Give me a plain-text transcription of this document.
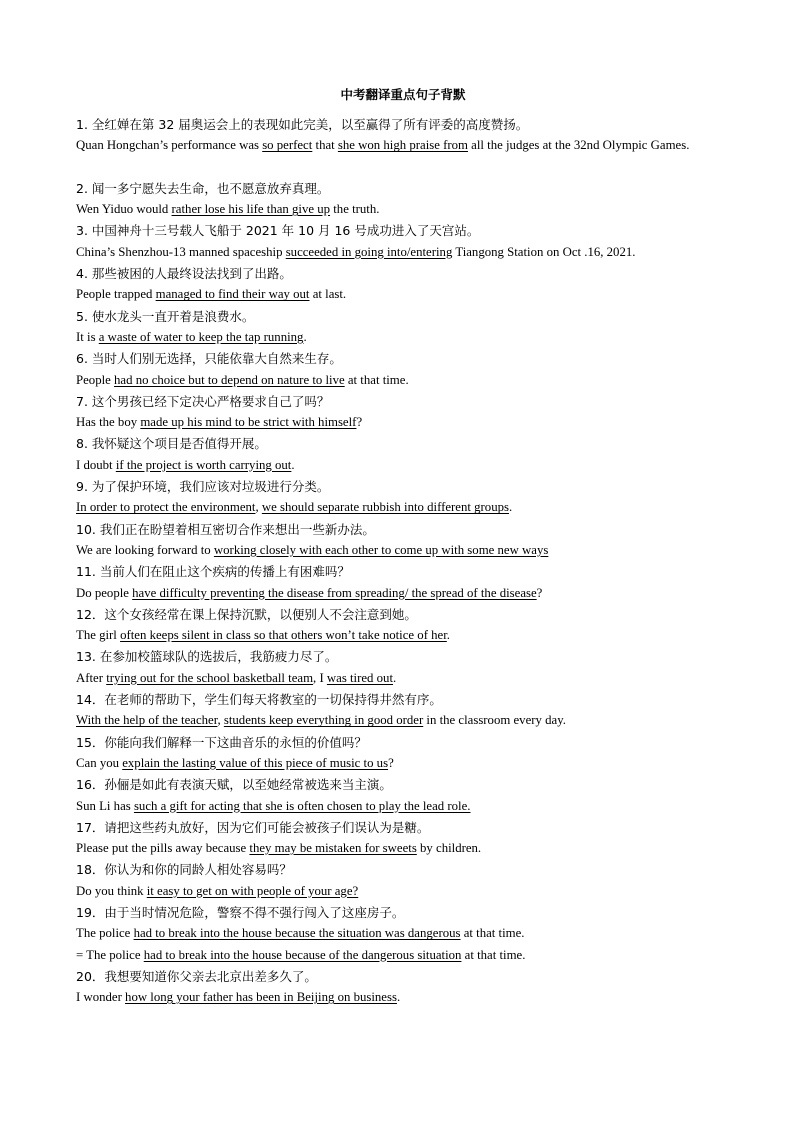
中考翻译重点句子背默
1. 全红婵在第 32 届奥运会上的表现如此完美，以至赢得了所有评委的高度赞扬。
Quan Hongchan’s performance was so perfect that she won high praise from all the judges at the 32nd Olympic Games.
2. 闻一多宁愿失去生命，也不愿意放弃真理。
Wen Yiduo would rather lose his life than give up the truth.
3. 中国神舟十三号载人飞船于 2021 年 10 月 16 号成功进入了天宫站。
China’s Shenzhou-13 manned spaceship succeeded in going into/entering Tiangong Station on Oct .16, 2021.
4. 那些被困的人最终设法找到了出路。
People trapped managed to find their way out at last.
5. 使水龙头一直开着是浪费水。
It is a waste of water to keep the tap running.
6. 当时人们别无选择，只能依靠大自然来生存。
People had no choice but to depend on nature to live at that time.
7. 这个男孩已经下定决心严格要求自己了吗？
Has the boy made up his mind to be strict with himself?
8. 我怀疑这个项目是否值得开展。
I doubt if the project is worth carrying out.
9. 为了保护环境，我们应该对垃圾进行分类。
In order to protect the environment, we should separate rubbish into different groups.
10. 我们正在盼望着相互密切合作来想出一些新办法。
We are looking forward to working closely with each other to come up with some new ways
11. 当前人们在阻止这个疾病的传播上有困难吗？
Do people have difficulty preventing the disease from spreading/ the spread of the disease?
12．这个女孩经常在课上保持沉默，以便别人不会注意到她。
The girl often keeps silent in class so that others won’t take notice of her.
13. 在参加校篮球队的选拔后，我筋疲力尽了。
After trying out for the school basketball team, I was tired out.
14．在老师的帮助下，学生们每天将教室的一切保持得井然有序。
With the help of the teacher, students keep everything in good order in the classroom every day.
15．你能向我们解释一下这曲音乐的永恒的价值吗？
Can you explain the lasting value of this piece of music to us?
16．孙俪是如此有表演天赋，以至她经常被选来当主演。
Sun Li has such a gift for acting that she is often chosen to play the lead role.
17．请把这些药丸放好，因为它们可能会被孩子们误认为是糖。
Please put the pills away because they may be mistaken for sweets by children.
18．你认为和你的同龄人相处容易吗？
Do you think it easy to get on with people of your age?
19．由于当时情况危险，警察不得不强行闯入了这座房子。
The police had to break into the house because the situation was dangerous at that time.
= The police had to break into the house because of the dangerous situation at that time.
20．我想要知道你父亲去北京出差多久了。
I wonder how long your father has been in Beijing on business.
